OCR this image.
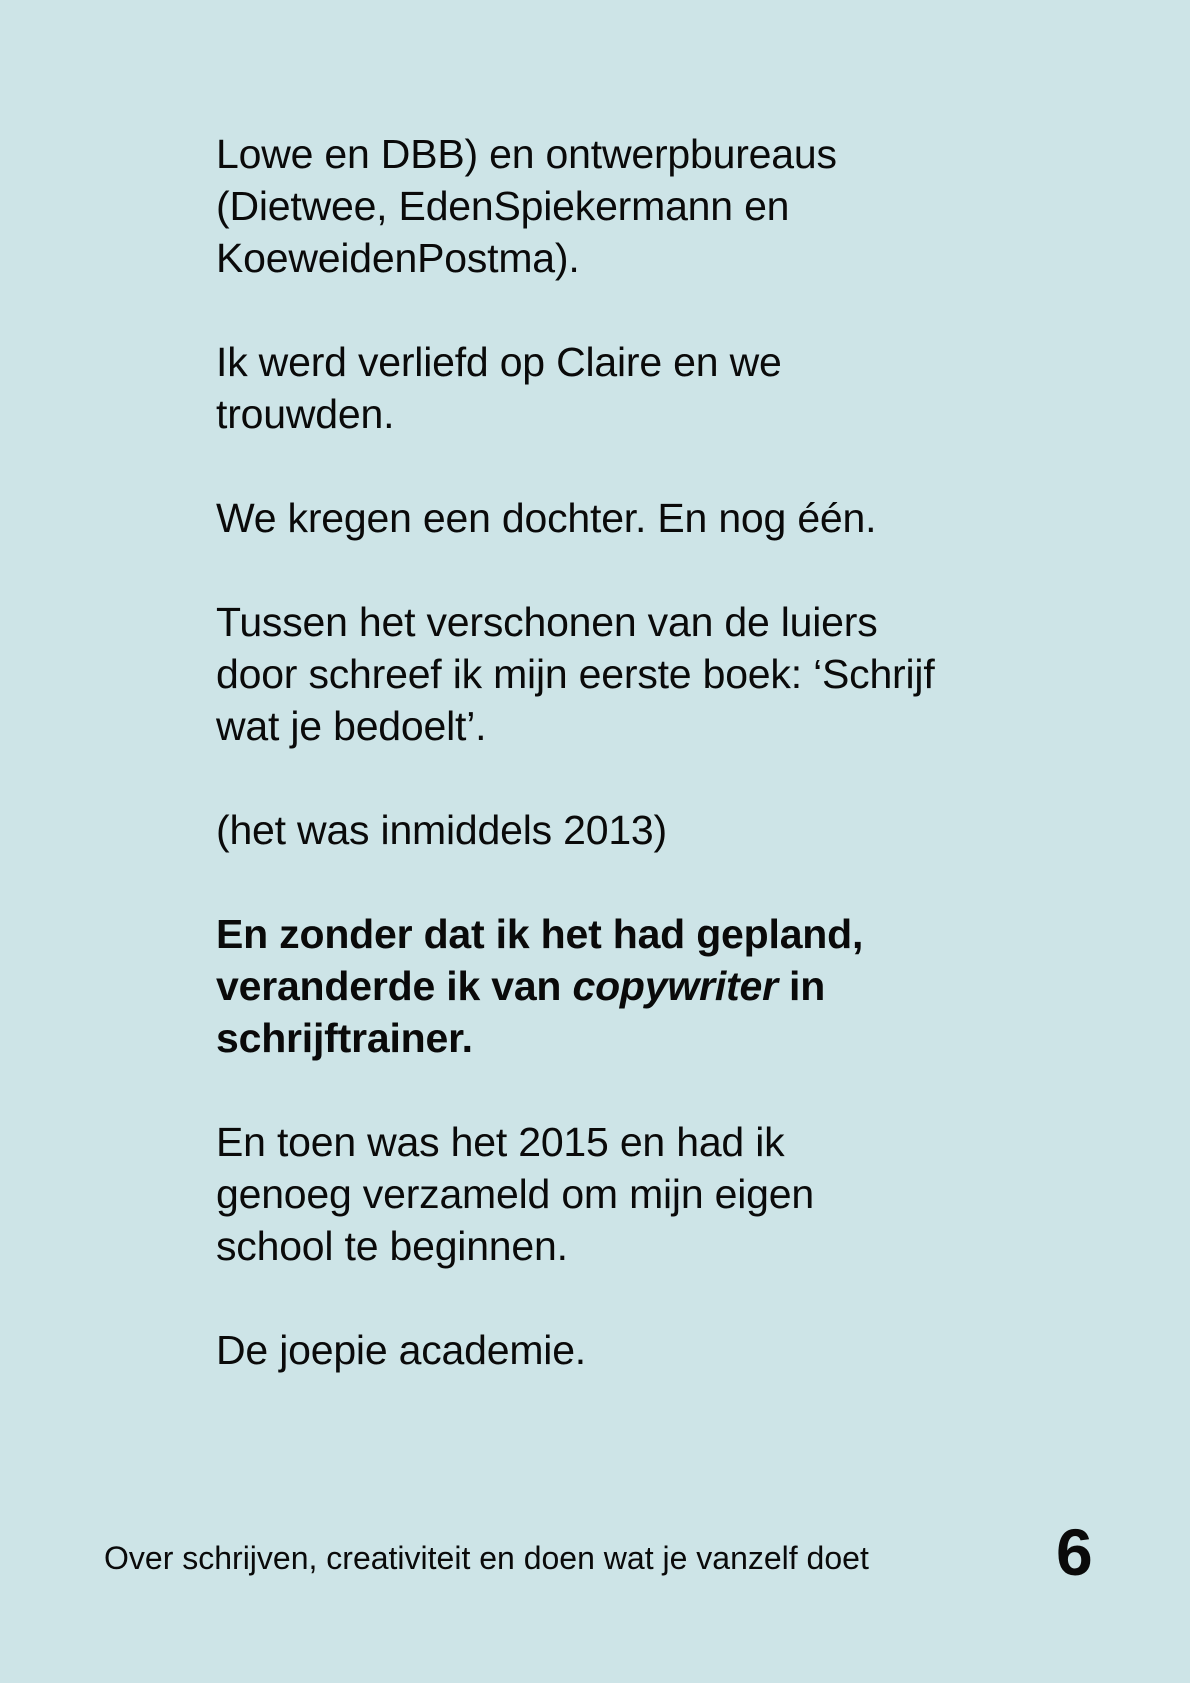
Lowe en DBB) en ontwerpbureaus
(Dietwee, EdenSpiekermann en
KoeweidenPostma).

Ik werd verliefd op Claire en we
trouwden.

We kregen een dochter. En nog één.

Tussen het verschonen van de luiers
door schreef ik mijn eerste boek: ‘Schrijf
wat je bedoelt’.

(het was inmiddels 2013)

En zonder dat ik het had gepland,
veranderde ik van copywriter in
schrijftrainer.

En toen was het 2015 en had ik
genoeg verzameld om mijn eigen
school te beginnen.

De joepie academie.

Over schrijven, creativiteit en doen wat je vanzelf doet	6
